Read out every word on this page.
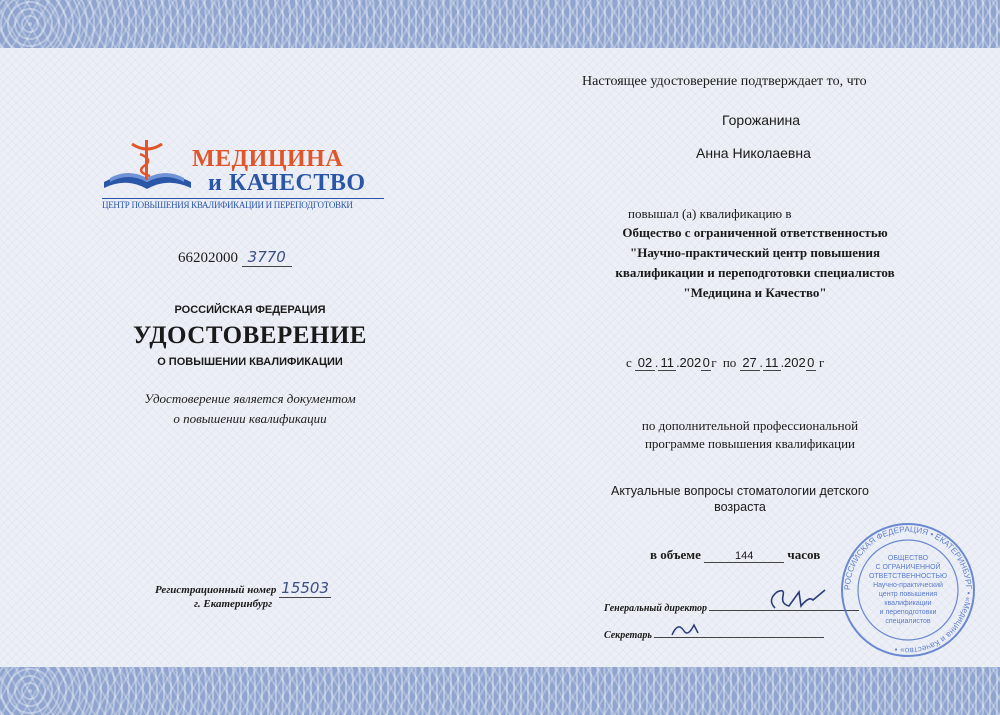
МЕДИЦИНА
и КАЧЕСТВО
ЦЕНТР ПОВЫШЕНИЯ КВАЛИФИКАЦИИ И ПЕРЕПОДГОТОВКИ
66202000 3770
РОССИЙСКАЯ ФЕДЕРАЦИЯ
УДОСТОВЕРЕНИЕ
О ПОВЫШЕНИИ КВАЛИФИКАЦИИ
Удостоверение является документом
о повышении квалификации
Регистрационный номер 15503
г. Екатеринбург
Настоящее удостоверение подтверждает то, что
Горожанина
Анна Николаевна
повышал (а) квалификацию в
Общество с ограниченной ответственностью
"Научно-практический центр повышения
квалификации и переподготовки специалистов
"Медицина и Качество"
с 02 . 11 .2020г по 27 . 11 .2020 г
по дополнительной профессиональной
программе повышения квалификации
Актуальные вопросы стоматологии детского
возраста
в объеме	144	часов
Генеральный директор
Секретарь
РОССИЙСКАЯ ФЕДЕРАЦИЯ • ЕКАТЕРИНБУРГ • «Медицина и Качество» •
ОБЩЕСТВО
С ОГРАНИЧЕННОЙ
ОТВЕТСТВЕННОСТЬЮ
Научно-практический
центр повышения
квалификации
и переподготовки
специалистов
